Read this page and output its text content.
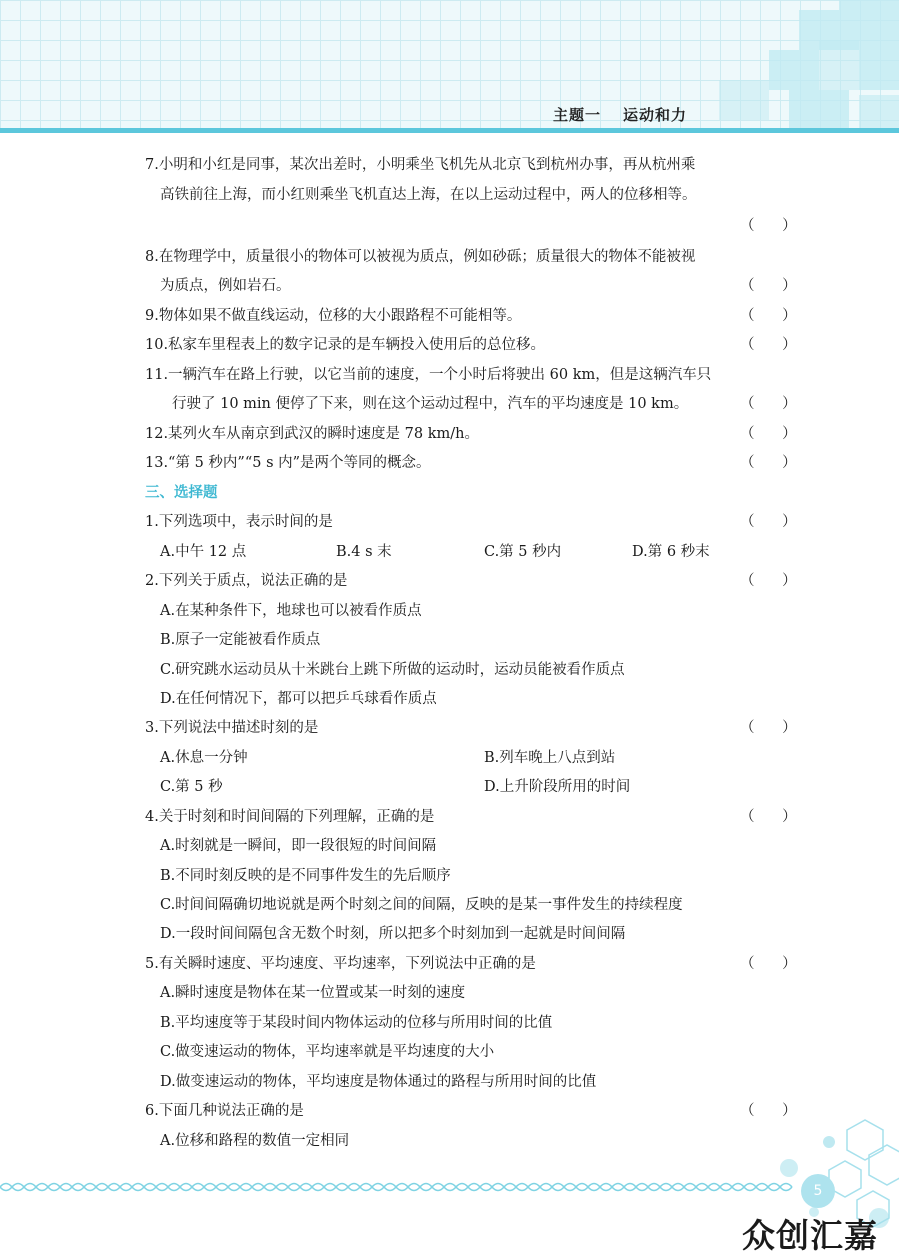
主题一 运动和力
7.小明和小红是同事，某次出差时，小明乘坐飞机先从北京飞到杭州办事，再从杭州乘
高铁前往上海，而小红则乘坐飞机直达上海，在以上运动过程中，两人的位移相等。
（      ）
8.在物理学中，质量很小的物体可以被视为质点，例如砂砾；质量很大的物体不能被视
为质点，例如岩石。	（      ）
9.物体如果不做直线运动，位移的大小跟路程不可能相等。	（      ）
10.私家车里程表上的数字记录的是车辆投入使用后的总位移。	（      ）
11.一辆汽车在路上行驶，以它当前的速度，一个小时后将驶出 60 km，但是这辆汽车只
行驶了 10 min 便停了下来，则在这个运动过程中，汽车的平均速度是 10 km。	（      ）
12.某列火车从南京到武汉的瞬时速度是 78 km/h。	（      ）
13.“第 5 秒内”“5 s 内”是两个等同的概念。	（      ）
三、选择题
1.下列选项中，表示时间的是	（      ）
A.中午 12 点	B.4 s 末	C.第 5 秒内	D.第 6 秒末
2.下列关于质点，说法正确的是	（      ）
A.在某种条件下，地球也可以被看作质点
B.原子一定能被看作质点
C.研究跳水运动员从十米跳台上跳下所做的运动时，运动员能被看作质点
D.在任何情况下，都可以把乒乓球看作质点
3.下列说法中描述时刻的是	（      ）
A.休息一分钟	B.列车晚上八点到站
C.第 5 秒	D.上升阶段所用的时间
4.关于时刻和时间间隔的下列理解，正确的是	（      ）
A.时刻就是一瞬间，即一段很短的时间间隔
B.不同时刻反映的是不同事件发生的先后顺序
C.时间间隔确切地说就是两个时刻之间的间隔，反映的是某一事件发生的持续程度
D.一段时间间隔包含无数个时刻，所以把多个时刻加到一起就是时间间隔
5.有关瞬时速度、平均速度、平均速率，下列说法中正确的是	（      ）
A.瞬时速度是物体在某一位置或某一时刻的速度
B.平均速度等于某段时间内物体运动的位移与所用时间的比值
C.做变速运动的物体，平均速率就是平均速度的大小
D.做变速运动的物体，平均速度是物体通过的路程与所用时间的比值
6.下面几种说法正确的是	（      ）
A.位移和路程的数值一定相同
5
众创汇嘉
